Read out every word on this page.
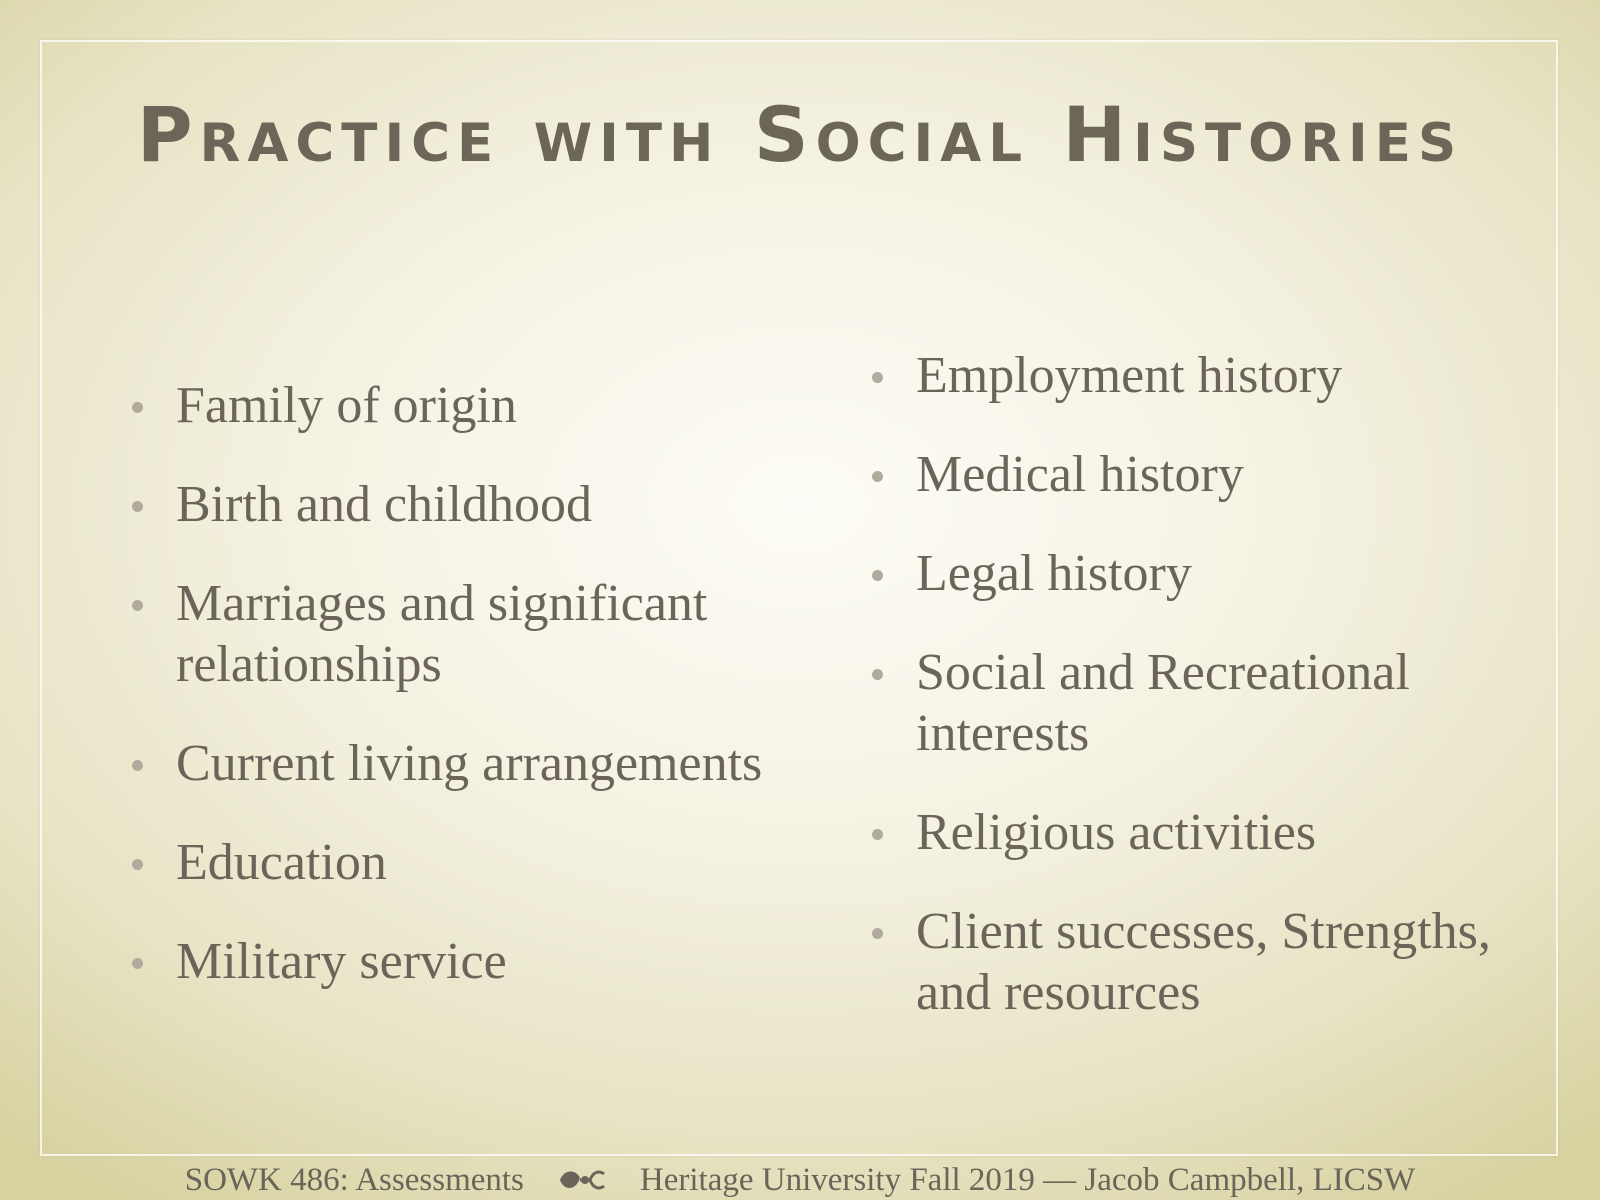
Practice with Social Histories
Family of origin
Birth and childhood
Marriages and significant relationships
Current living arrangements
Education
Military service
Employment history
Medical history
Legal history
Social and Recreational interests
Religious activities
Client successes, Strengths, and resources
SOWK 486: Assessments	Heritage University Fall 2019 — Jacob Campbell, LICSW
